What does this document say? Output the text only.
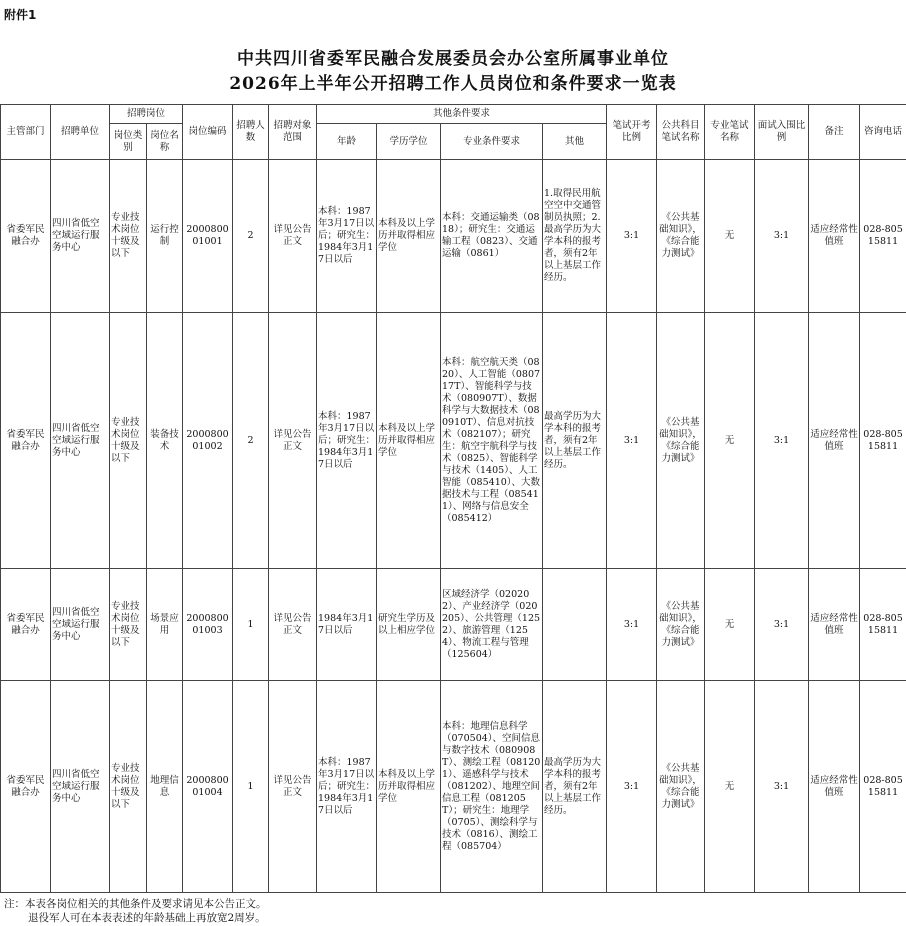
附件1
中共四川省委军民融合发展委员会办公室所属事业单位
2026年上半年公开招聘工作人员岗位和条件要求一览表
主管部门	招聘单位	招聘岗位		岗位编码	招聘人数	招聘对象范围	其他条件要求				笔试开考比例	公共科目笔试名称	专业笔试名称	面试入围比例	备注	咨询电话
		岗位类别	岗位名称				年龄	学历学位	专业条件要求	其他						
省委军民融合办	四川省低空空域运行服务中心	专业技术岗位十级及以下	运行控制	200080001001	2	详见公告正文	本科：1987年3月17日以后；研究生：1984年3月17日以后	本科及以上学历并取得相应学位	本科：交通运输类（0818）；研究生：交通运输工程（0823）、交通运输（0861）	1.取得民用航空空中交通管制员执照；2.最高学历为大学本科的报考者，须有2年以上基层工作经历。	3:1	《公共基础知识》，《综合能力测试》	无	3:1	适应经常性值班	028-80515811
省委军民融合办	四川省低空空域运行服务中心	专业技术岗位十级及以下	装备技术	200080001002	2	详见公告正文	本科：1987年3月17日以后；研究生：1984年3月17日以后	本科及以上学历并取得相应学位	本科：航空航天类（0820）、人工智能（080717T）、智能科学与技术（080907T）、数据科学与大数据技术（080910T）、信息对抗技术（082107）；研究生：航空宇航科学与技术（0825）、智能科学与技术（1405）、人工智能（085410）、大数据技术与工程（085411）、网络与信息安全（085412）	最高学历为大学本科的报考者，须有2年以上基层工作经历。	3:1	《公共基础知识》，《综合能力测试》	无	3:1	适应经常性值班	028-80515811
省委军民融合办	四川省低空空域运行服务中心	专业技术岗位十级及以下	场景应用	200080001003	1	详见公告正文	1984年3月17日以后	研究生学历及以上相应学位	区域经济学（020202）、产业经济学（020205）、公共管理（1252）、旅游管理（1254）、物流工程与管理（125604）		3:1	《公共基础知识》，《综合能力测试》	无	3:1	适应经常性值班	028-80515811
省委军民融合办	四川省低空空域运行服务中心	专业技术岗位十级及以下	地理信息	200080001004	1	详见公告正文	本科：1987年3月17日以后；研究生：1984年3月17日以后	本科及以上学历并取得相应学位	本科：地理信息科学（070504）、空间信息与数字技术（080908T）、测绘工程（081201）、遥感科学与技术（081202）、地理空间信息工程（081205T）；研究生：地理学（0705）、测绘科学与技术（0816）、测绘工程（085704）	最高学历为大学本科的报考者，须有2年以上基层工作经历。	3:1	《公共基础知识》，《综合能力测试》	无	3:1	适应经常性值班	028-80515811
注：本表各岗位相关的其他条件及要求请见本公告正文。
退役军人可在本表表述的年龄基础上再放宽2周岁。
